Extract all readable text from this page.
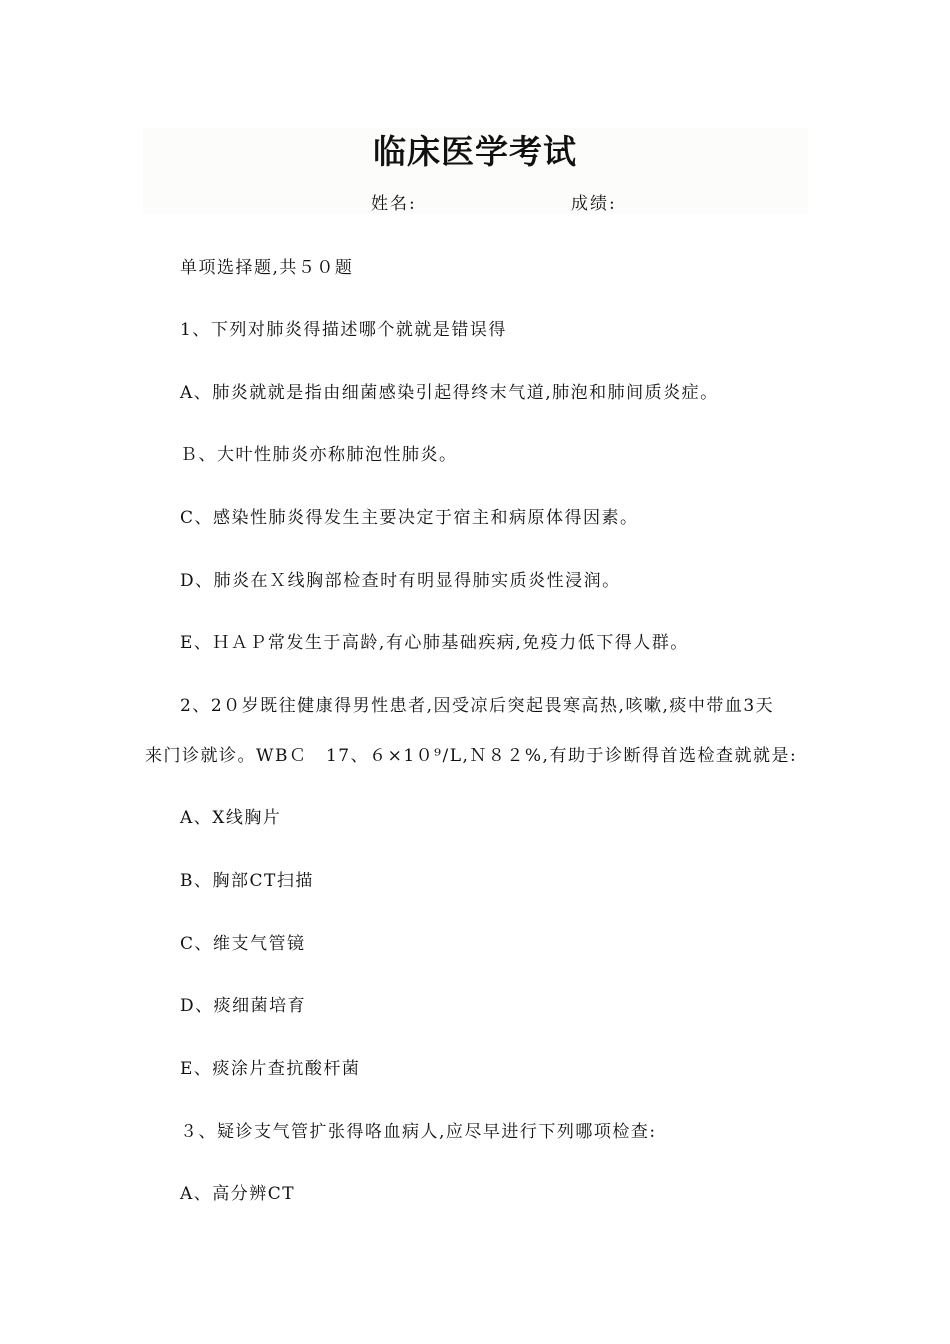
临床医学考试
姓名:	成绩:
单项选择题,共５０题
1、下列对肺炎得描述哪个就就是错误得
A、肺炎就就是指由细菌感染引起得终末气道,肺泡和肺间质炎症。
Ｂ、大叶性肺炎亦称肺泡性肺炎。
C、感染性肺炎得发生主要决定于宿主和病原体得因素。
D、肺炎在Ｘ线胸部检查时有明显得肺实质炎性浸润。
E、ＨＡＰ常发生于高龄,有心肺基础疾病,免疫力低下得人群。
2、2０岁既往健康得男性患者,因受凉后突起畏寒高热,咳嗽,痰中带血3天
来门诊就诊。WBＣ　17、６×1０⁹/L,Ｎ８２%,有助于诊断得首选检查就就是:
A、X线胸片
B、胸部CT扫描
C、维支气管镜
D、痰细菌培育
E、痰涂片查抗酸杆菌
３、疑诊支气管扩张得咯血病人,应尽早进行下列哪项检查:
A、高分辨CT
